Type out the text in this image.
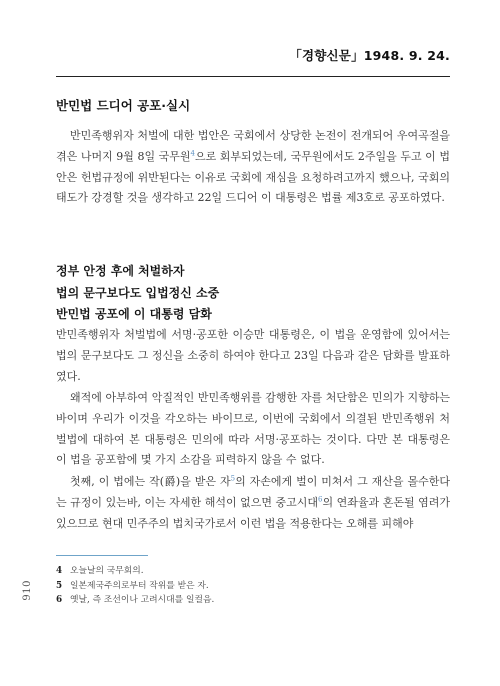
「경향신문」1948. 9. 24.
반민법 드디어 공포·실시

반민족행위자 처벌에 대한 법안은 국회에서 상당한 논전이 전개되어 우여곡절을 겪은 나머지 9월 8일 국무원$^4$으로 회부되었는데, 국무원에서도 2주일을 두고 이 법안은 헌법규정에 위반된다는 이유로 국회에 재심을 요청하려고까지 했으나, 국회의 태도가 강경할 것을 생각하고 22일 드디어 이 대통령은 법률 제3호로 공포하였다.

정부 안정 후에 처벌하자
법의 문구보다도 입법정신 소중
반민법 공포에 이 대통령 담화

반민족행위자 처벌법에 서명·공포한 이승만 대통령은, 이 법을 운영함에 있어서는 법의 문구보다도 그 정신을 소중히 하여야 한다고 23일 다음과 같은 담화를 발표하였다.

왜적에 아부하여 악질적인 반민족행위를 감행한 자를 처단함은 민의가 지향하는 바이며 우리가 이것을 각오하는 바이므로, 이번에 국회에서 의결된 반민족행위 처벌법에 대하여 본 대통령은 민의에 따라 서명·공포하는 것이다. 다만 본 대통령은 이 법을 공포함에 몇 가지 소감을 피력하지 않을 수 없다.

첫째, 이 법에는 작(爵)을 받은 자$^5$의 자손에게 벌이 미쳐서 그 재산을 몰수한다는 규정이 있는바, 이는 자세한 해석이 없으면 중고시대$^6$의 연좌율과 혼돈될 염려가 있으므로 현대 민주주의 법치국가로서 이런 법을 적용한다는 오해를 피해야

4 오늘날의 국무회의.
5 일본제국주의로부터 작위를 받은 자.
6 옛날, 즉 조선이나 고려시대를 일컬음.
910
